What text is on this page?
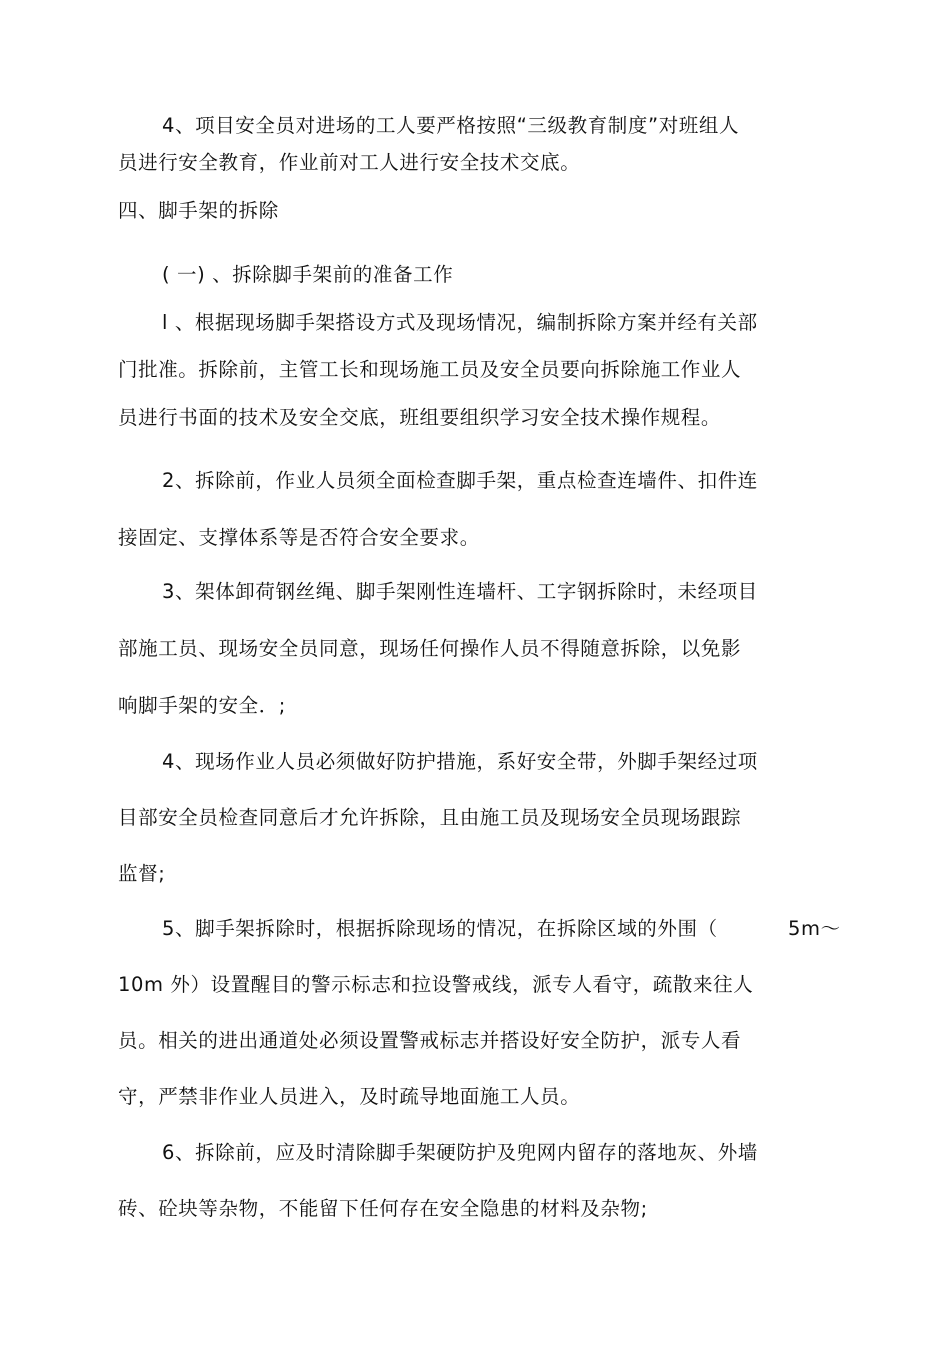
4、项目安全员对进场的工人要严格按照“三级教育制度”对班组人
员进行安全教育，作业前对工人进行安全技术交底。
四、脚手架的拆除
( 一) 、拆除脚手架前的准备工作
l 、根据现场脚手架搭设方式及现场情况，编制拆除方案并经有关部
门批准。拆除前，主管工长和现场施工员及安全员要向拆除施工作业人
员进行书面的技术及安全交底，班组要组织学习安全技术操作规程。
2、拆除前，作业人员须全面检查脚手架，重点检查连墙件、扣件连
接固定、支撑体系等是否符合安全要求。
3、架体卸荷钢丝绳、脚手架刚性连墙杆、工字钢拆除时，未经项目
部施工员、现场安全员同意，现场任何操作人员不得随意拆除，以免影
响脚手架的安全．;
4、现场作业人员必须做好防护措施，系好安全带，外脚手架经过项
目部安全员检查同意后才允许拆除，且由施工员及现场安全员现场跟踪
监督;
5、脚手架拆除时，根据拆除现场的情况，在拆除区域的外围（	5m～
10m 外）设置醒目的警示标志和拉设警戒线，派专人看守，疏散来往人
员。相关的进出通道处必须设置警戒标志并搭设好安全防护，派专人看
守，严禁非作业人员进入，及时疏导地面施工人员。
6、拆除前，应及时清除脚手架硬防护及兜网内留存的落地灰、外墙
砖、砼块等杂物，不能留下任何存在安全隐患的材料及杂物;
